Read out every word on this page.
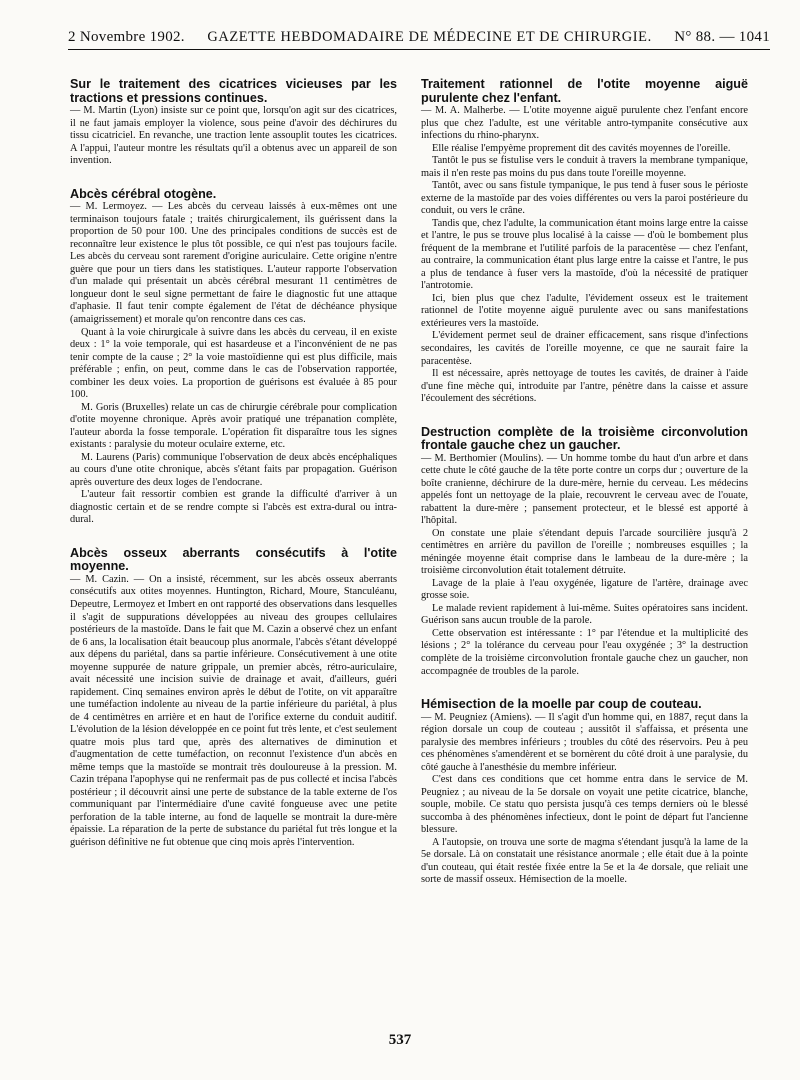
2 Novembre 1902. GAZETTE HEBDOMADAIRE DE MÉDECINE ET DE CHIRURGIE. N° 88. — 1041
Sur le traitement des cicatrices vicieuses par les tractions et pressions continues.

— M. Martin (Lyon) insiste sur ce point que, lorsqu'on agit sur des cicatrices, il ne faut jamais employer la violence, sous peine d'avoir des déchirures du tissu cicatriciel. En revanche, une traction lente assouplit toutes les cicatrices. A l'appui, l'auteur montre les résultats qu'il a obtenus avec un appareil de son invention.

Abcès cérébral otogène.

— M. Lermoyez. — Les abcès du cerveau laissés à eux-mêmes ont une terminaison toujours fatale ; traités chirurgicalement, ils guérissent dans la proportion de 50 pour 100. Une des principales conditions de succès est de reconnaître leur existence le plus tôt possible, ce qui n'est pas toujours facile. Les abcès du cerveau sont rarement d'origine auriculaire. Cette origine n'entre guère que pour un tiers dans les statistiques. L'auteur rapporte l'observation d'un malade qui présentait un abcès cérébral mesurant 11 centimètres de longueur dont le seul signe permettant de faire le diagnostic fut une attaque d'aphasie. Il faut tenir compte également de l'état de déchéance physique (amaigrissement) et morale qu'on rencontre dans ces cas.

Quant à la voie chirurgicale à suivre dans les abcès du cerveau, il en existe deux : 1° la voie temporale, qui est hasardeuse et a l'inconvénient de ne pas tenir compte de la cause ; 2° la voie mastoïdienne qui est plus difficile, mais préférable ; enfin, on peut, comme dans le cas de l'observation rapportée, combiner les deux voies. La proportion de guérisons est évaluée à 85 pour 100.

M. Goris (Bruxelles) relate un cas de chirurgie cérébrale pour complication d'otite moyenne chronique. Après avoir pratiqué une trépanation complète, l'auteur aborda la fosse temporale. L'opération fit disparaître tous les signes existants : paralysie du moteur oculaire externe, etc.

M. Laurens (Paris) communique l'observation de deux abcès encéphaliques au cours d'une otite chronique, abcès s'étant faits par propagation. Guérison après ouverture des deux loges de l'endocrane.

L'auteur fait ressortir combien est grande la difficulté d'arriver à un diagnostic certain et de se rendre compte si l'abcès est extra-dural ou intra-dural.

Abcès osseux aberrants consécutifs à l'otite moyenne.

— M. Cazin. — On a insisté, récemment, sur les abcès osseux aberrants consécutifs aux otites moyennes. Huntington, Richard, Moure, Stanculéanu, Depeutre, Lermoyez et Imbert en ont rapporté des observations dans lesquelles il s'agit de suppurations développées au niveau des groupes cellulaires postérieurs de la mastoïde. Dans le fait que M. Cazin a observé chez un enfant de 6 ans, la localisation était beaucoup plus anormale, l'abcès s'étant développé aux dépens du pariétal, dans sa partie inférieure. Consécutivement à une otite moyenne suppurée de nature grippale, un premier abcès, rétro-auriculaire, avait nécessité une incision suivie de drainage et avait, d'ailleurs, guéri rapidement. Cinq semaines environ après le début de l'otite, on vit apparaître une tuméfaction indolente au niveau de la partie inférieure du pariétal, à plus de 4 centimètres en arrière et en haut de l'orifice externe du conduit auditif. L'évolution de la lésion développée en ce point fut très lente, et c'est seulement quatre mois plus tard que, après des alternatives de diminution et d'augmentation de cette tuméfaction, on reconnut l'existence d'un abcès en même temps que la mastoïde se montrait très douloureuse à la pression. M. Cazin trépana l'apophyse qui ne renfermait pas de pus collecté et incisa l'abcès postérieur ; il découvrit ainsi une perte de substance de la table externe de l'os communiquant par l'intermédiaire d'une cavité fongueuse avec une petite perforation de la table interne, au fond de laquelle se montrait la dure-mère épaissie. La réparation de la perte de substance du pariétal fut très longue et la guérison définitive ne fut obtenue que cinq mois après l'intervention.

Traitement rationnel de l'otite moyenne aiguë purulente chez l'enfant.

— M. A. Malherbe. — L'otite moyenne aiguë purulente chez l'enfant encore plus que chez l'adulte, est une véritable antro-tympanite consécutive aux infections du rhino-pharynx.

Elle réalise l'empyème proprement dit des cavités moyennes de l'oreille.

Tantôt le pus se fistulise vers le conduit à travers la membrane tympanique, mais il n'en reste pas moins du pus dans toute l'oreille moyenne.

Tantôt, avec ou sans fistule tympanique, le pus tend à fuser sous le périoste externe de la mastoïde par des voies différentes ou vers la paroi postérieure du conduit, ou vers le crâne.

Tandis que, chez l'adulte, la communication étant moins large entre la caisse et l'antre, le pus se trouve plus localisé à la caisse — d'où le bombement plus fréquent de la membrane et l'utilité parfois de la paracentèse — chez l'enfant, au contraire, la communication étant plus large entre la caisse et l'antre, le pus a plus de tendance à fuser vers la mastoïde, d'où la nécessité de pratiquer l'antrotomie.

Ici, bien plus que chez l'adulte, l'évidement osseux est le traitement rationnel de l'otite moyenne aiguë purulente avec ou sans manifestations extérieures vers la mastoïde.

L'évidement permet seul de drainer efficacement, sans risque d'infections secondaires, les cavités de l'oreille moyenne, ce que ne saurait faire la paracentèse.

Il est nécessaire, après nettoyage de toutes les cavités, de drainer à l'aide d'une fine mèche qui, introduite par l'antre, pénètre dans la caisse et assure l'écoulement des sécrétions.

Destruction complète de la troisième circonvolution frontale gauche chez un gaucher.

— M. Berthomier (Moulins). — Un homme tombe du haut d'un arbre et dans cette chute le côté gauche de la tête porte contre un corps dur ; ouverture de la boîte cranienne, déchirure de la dure-mère, hernie du cerveau. Les médecins appelés font un nettoyage de la plaie, recouvrent le cerveau avec de l'ouate, rabattent la dure-mère ; pansement protecteur, et le blessé est apporté à l'hôpital.

On constate une plaie s'étendant depuis l'arcade sourcilière jusqu'à 2 centimètres en arrière du pavillon de l'oreille ; nombreuses esquilles ; la méningée moyenne était comprise dans le lambeau de la dure-mère ; la troisième circonvolution était totalement détruite.

Lavage de la plaie à l'eau oxygénée, ligature de l'artère, drainage avec grosse soie.

Le malade revient rapidement à lui-même. Suites opératoires sans incident. Guérison sans aucun trouble de la parole.

Cette observation est intéressante : 1° par l'étendue et la multiplicité des lésions ; 2° la tolérance du cerveau pour l'eau oxygénée ; 3° la destruction complète de la troisième circonvolution frontale gauche chez un gaucher, non accompagnée de troubles de la parole.

Hémisection de la moelle par coup de couteau.

— M. Peugniez (Amiens). — Il s'agit d'un homme qui, en 1887, reçut dans la région dorsale un coup de couteau ; aussitôt il s'affaissa, et présenta une paralysie des membres inférieurs ; troubles du côté des réservoirs. Peu à peu ces phénomènes s'amendèrent et se bornèrent du côté droit à une paralysie, du côté gauche à l'anesthésie du membre inférieur.

C'est dans ces conditions que cet homme entra dans le service de M. Peugniez ; au niveau de la 5e dorsale on voyait une petite cicatrice, blanche, souple, mobile. Ce statu quo persista jusqu'à ces temps derniers où le blessé succomba à des phénomènes infectieux, dont le point de départ fut l'ancienne blessure.

A l'autopsie, on trouva une sorte de magma s'étendant jusqu'à la lame de la 5e dorsale. Là on constatait une résistance anormale ; elle était due à la pointe d'un couteau, qui était restée fixée entre la 5e et la 4e dorsale, que reliait une sorte de massif osseux. Hémisection de la moelle.

537
